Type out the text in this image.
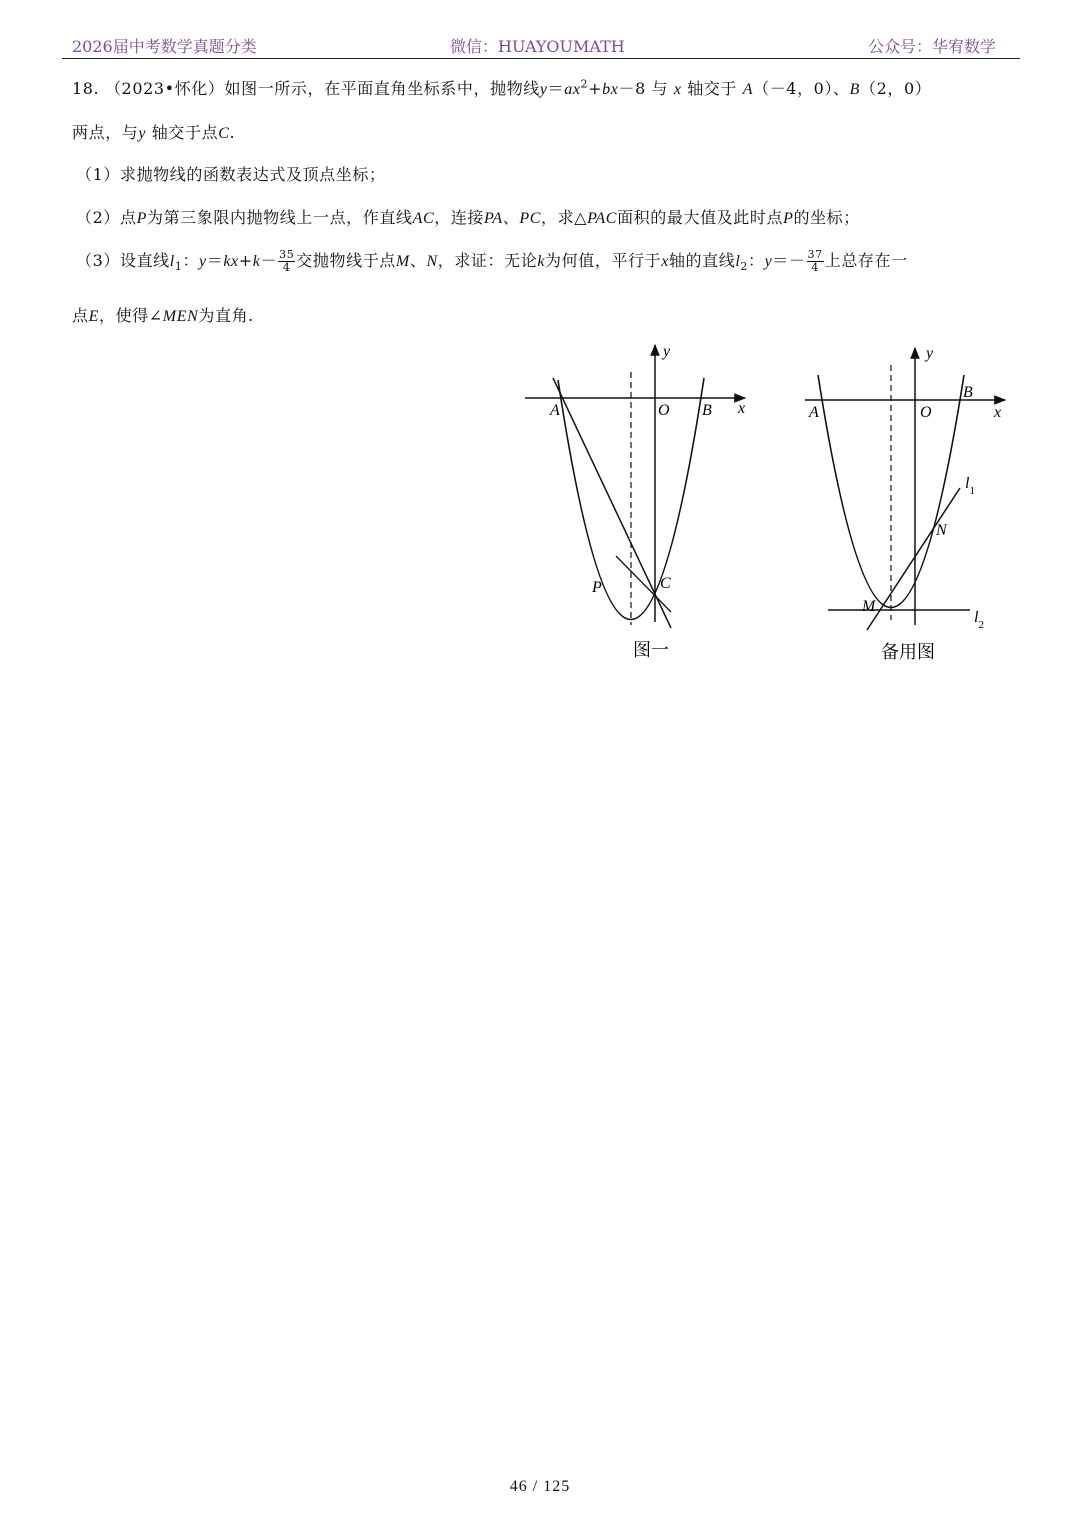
2026届中考数学真题分类	微信：HUAYOUMATH	公众号：华宥数学
18. （2023•怀化）如图一所示，在平面直角坐标系中，抛物线$y=ax^2+bx-8$ 与 x 轴交于 A（－4，0）、B（2，0）
两点，与y 轴交于点C.
（1）求抛物线的函数表达式及顶点坐标；
（2）点P为第三象限内抛物线上一点，作直线AC，连接PA、PC，求△PAC面积的最大值及此时点P的坐标；
（3）设直线$l_1$：$y=kx+k- \frac{35}{4}$ 交抛物线于点M、N，求证：无论k为何值，平行于x轴的直线$l_2$：$y=- \frac{37}{4}$ 上总存在一
点E，使得∠MEN为直角.
y
x
A	O B
P	C
图一
y
x
A	O
B
$l_1$
N
M
$l_2$
备用图
46 / 125
